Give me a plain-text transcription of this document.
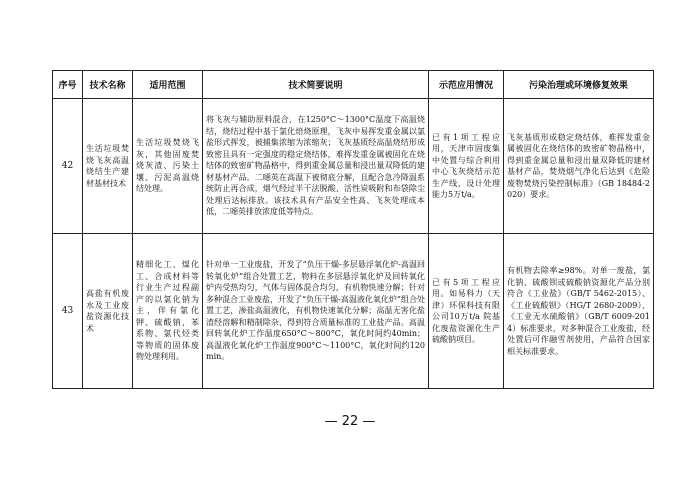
序号	技术名称	适用范围	技术简要说明	示范应用情况	污染治理或环境修复效果
42	生活垃圾焚烧飞灰高温烧结生产建材基材技术	生活垃圾焚烧飞灰，其他固废焚烧灰渣、污染土壤、污泥高温烧结处理。	将飞灰与辅助原料混合，在1250°C～1300°C温度下高温烧结，烧结过程中基于氯化焙烧原理，飞灰中易挥发重金属以氯盐形式挥发，被捕集浓缩为浓缩灰；飞灰基质经高温烧结形成致密且具有一定强度的稳定烧结体，难挥发重金属被固化在烧结体的致密矿物晶格中，得到重金属总量和浸出量双降低的建材基材产品。二噁英在高温下被彻底分解，且配合急冷降温系统防止再合成，烟气经过半干法脱酸、活性炭吸附和布袋除尘处理后达标排放。该技术具有产品安全性高、飞灰处理成本低，二噁英排放浓度低等特点。	已有1项工程应用，天津市固废集中处置与综合利用中心飞灰烧结示范生产线，设计处理能力5万t/a。	飞灰基质形成稳定烧结体，难挥发重金属被固化在烧结体的致密矿物晶格中，得到重金属总量和浸出量双降低的建材基材产品，焚烧烟气净化后达到《危险废物焚烧污染控制标准》（GB 18484-2020）要求。
43	高盐有机废水及工业废盐资源化技术	精细化工、煤化工、合成材料等行业生产过程副产的以氯化钠为主，伴有氯化钾、硫酸钠，苯系物、氯代烃类等物质的固体废物处理利用。	针对单一工业废盐，开发了“负压干燥-多层悬浮氧化炉-高温回转氧化炉”组合处置工艺，物料在多层悬浮氧化炉及回转氧化炉内受热均匀，气体与固体混合均匀，有机物快速分解；针对多种混合工业废盐，开发了“负压干燥-高温液化氧化炉”组合处置工艺，渗盐高温液化，有机物快速氧化分解；高温无害化盐渣经溶解和精制除杂，得到符合质量标准的工业盐产品。高温回转氧化炉工作温度650°C～800°C，氧化时间约40min；高温液化氧化炉工作温度900°C～1100°C，氧化时间约120min。	已有5项工程应用。如易科力（天津）环保科技有限公司10万t/a 院基化废盐资源化生产硫酸钠项目。	有机物去除率≥98%。对单一废盐，氯化钠、硫酸钡或硫酸钠资源化产品分别符合《工业盐》（GB/T 5462-2015）、《工业硫酸钡》（HG/T 2680-2009）、《工业无水硫酸钠》（GB/T 6009-2014）标准要求，对多种混合工业废盐，经处置后可作融雪剂使用，产品符合国家相关标准要求。
— 22 —
